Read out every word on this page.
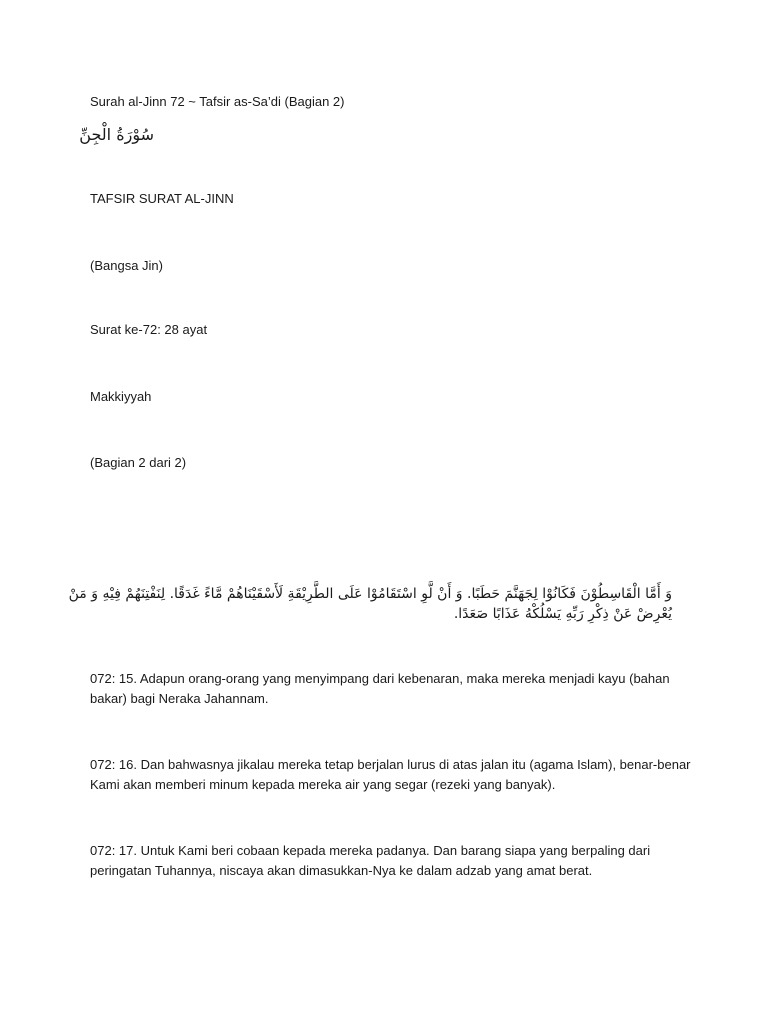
Surah al-Jinn 72 ~ Tafsir as-Sa’di (Bagian 2)
سُوْرَةُ الْجِنِّ
TAFSIR SURAT AL-JINN
(Bangsa Jin)
Surat ke-72: 28 ayat
Makkiyyah
(Bagian 2 dari 2)
وَ أَمَّا الْقَاسِطُوْنَ فَكَانُوْا لِجَهَنَّمَ حَطَبًا. وَ أَنْ لَّوِ اسْتَقَامُوْا عَلَى الطَّرِيْقَةِ لَأَسْقَيْنَاهُمْ مَّاءً غَدَقًا. لِنَفْتِنَهُمْ فِيْهِ وَ مَنْ
يُعْرِضْ عَنْ ذِكْرِ رَبِّهِ يَسْلُكْهُ عَذَابًا صَعَدًا.
072: 15. Adapun orang-orang yang menyimpang dari kebenaran, maka mereka menjadi kayu (bahan
bakar) bagi Neraka Jahannam.
072: 16. Dan bahwasnya jikalau mereka tetap berjalan lurus di atas jalan itu (agama Islam), benar-benar
Kami akan memberi minum kepada mereka air yang segar (rezeki yang banyak).
072: 17. Untuk Kami beri cobaan kepada mereka padanya. Dan barang siapa yang berpaling dari
peringatan Tuhannya, niscaya akan dimasukkan-Nya ke dalam adzab yang amat berat.
